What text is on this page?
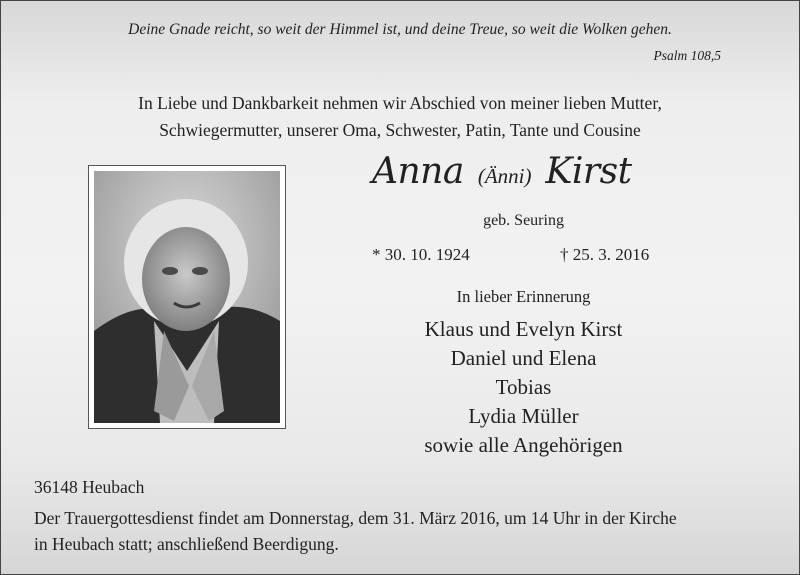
Deine Gnade reicht, so weit der Himmel ist, und deine Treue, so weit die Wolken gehen.
Psalm 108,5
In Liebe und Dankbarkeit nehmen wir Abschied von meiner lieben Mutter,
Schwiegermutter, unserer Oma, Schwester, Patin, Tante und Cousine
Anna (Änni) Kirst
geb. Seuring
* 30. 10. 1924	† 25. 3. 2016
In lieber Erinnerung
Klaus und Evelyn Kirst
Daniel und Elena
Tobias
Lydia Müller
sowie alle Angehörigen
36148 Heubach
Der Trauergottesdienst findet am Donnerstag, dem 31. März 2016, um 14 Uhr in der Kirche
in Heubach statt; anschließend Beerdigung.
